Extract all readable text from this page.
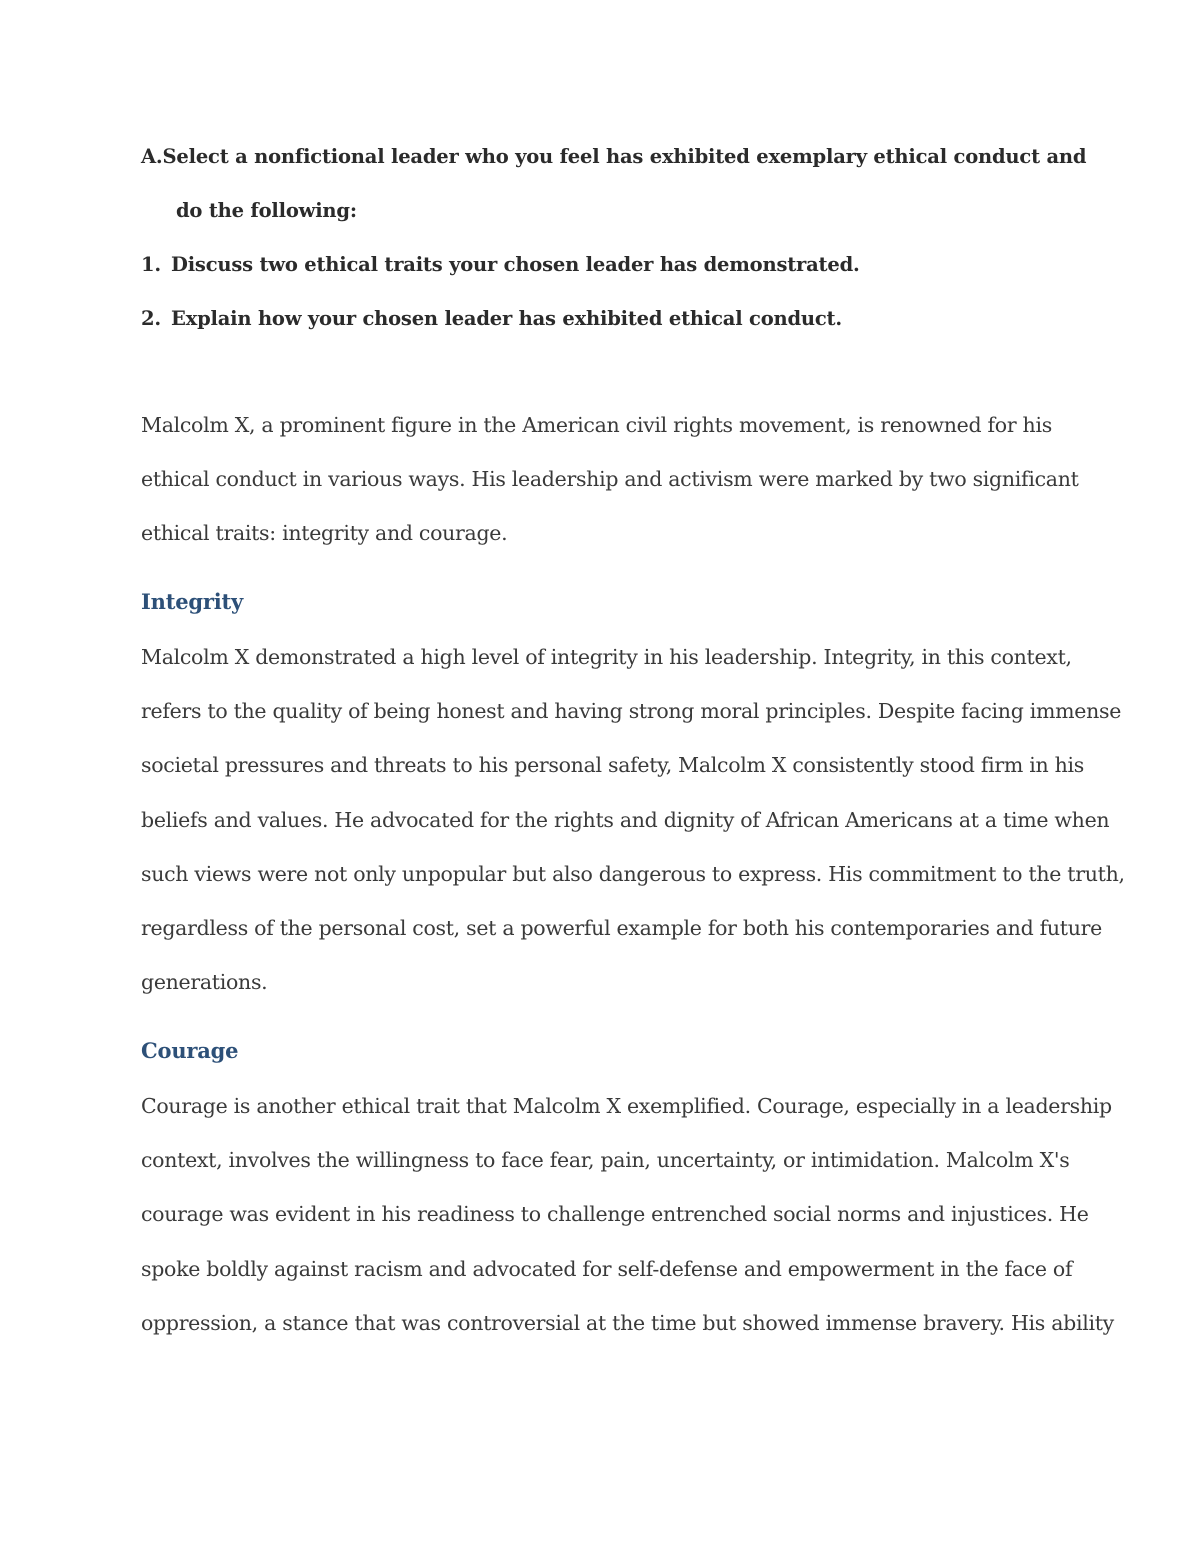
A. Select a nonfictional leader who you feel has exhibited exemplary ethical conduct and
do the following:
1. Discuss two ethical traits your chosen leader has demonstrated.
2. Explain how your chosen leader has exhibited ethical conduct.
Malcolm X, a prominent figure in the American civil rights movement, is renowned for his
ethical conduct in various ways. His leadership and activism were marked by two significant
ethical traits: integrity and courage.
Integrity
Malcolm X demonstrated a high level of integrity in his leadership. Integrity, in this context,
refers to the quality of being honest and having strong moral principles. Despite facing immense
societal pressures and threats to his personal safety, Malcolm X consistently stood firm in his
beliefs and values. He advocated for the rights and dignity of African Americans at a time when
such views were not only unpopular but also dangerous to express. His commitment to the truth,
regardless of the personal cost, set a powerful example for both his contemporaries and future
generations.
Courage
Courage is another ethical trait that Malcolm X exemplified. Courage, especially in a leadership
context, involves the willingness to face fear, pain, uncertainty, or intimidation. Malcolm X's
courage was evident in his readiness to challenge entrenched social norms and injustices. He
spoke boldly against racism and advocated for self-defense and empowerment in the face of
oppression, a stance that was controversial at the time but showed immense bravery. His ability
